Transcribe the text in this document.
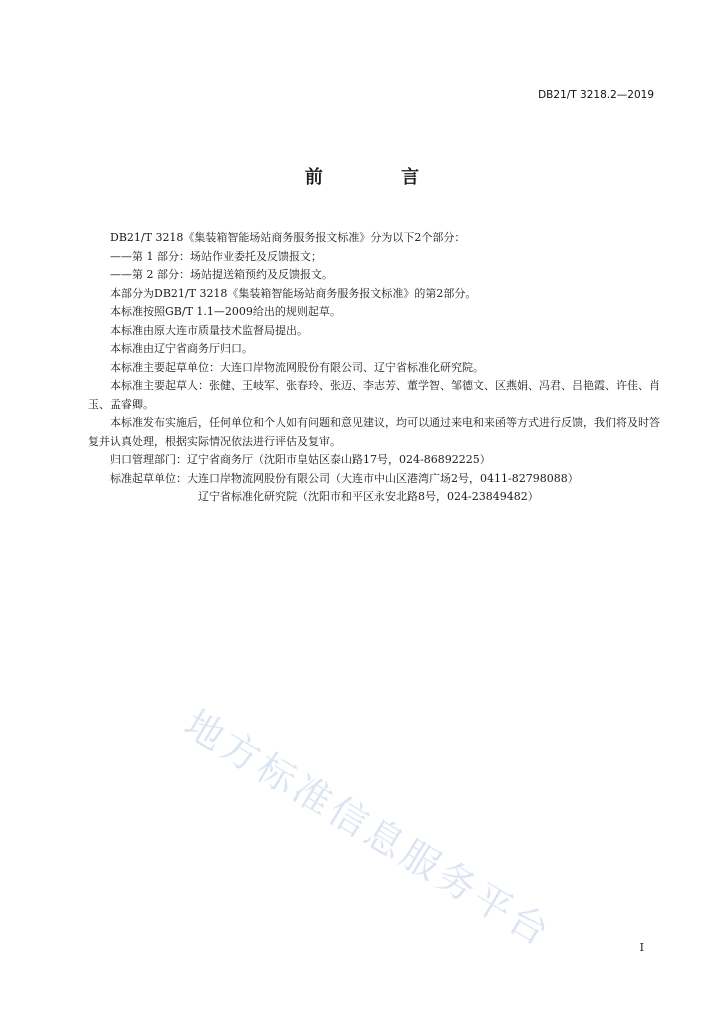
DB21/T 3218.2—2019
前 言

DB21/T 3218《集装箱智能场站商务服务报文标准》分为以下2个部分：

——第 1 部分：场站作业委托及反馈报文；

——第 2 部分：场站提送箱预约及反馈报文。

本部分为DB21/T 3218《集装箱智能场站商务服务报文标准》的第2部分。

本标准按照GB/T 1.1—2009给出的规则起草。

本标准由原大连市质量技术监督局提出。

本标准由辽宁省商务厅归口。

本标准主要起草单位：大连口岸物流网股份有限公司、辽宁省标准化研究院。

本标准主要起草人：张健、王岐军、张春玲、张迈、李志芳、董学智、邹德文、区燕娟、冯君、吕艳霞、许佳、肖玉、孟睿卿。

本标准发布实施后，任何单位和个人如有问题和意见建议，均可以通过来电和来函等方式进行反馈，我们将及时答复并认真处理，根据实际情况依法进行评估及复审。

归口管理部门：辽宁省商务厅（沈阳市皇姑区泰山路17号，024-86892225）

标准起草单位：大连口岸物流网股份有限公司（大连市中山区港湾广场2号，0411-82798088）

辽宁省标准化研究院（沈阳市和平区永安北路8号，024-23849482）

地方标准信息服务平台	I
